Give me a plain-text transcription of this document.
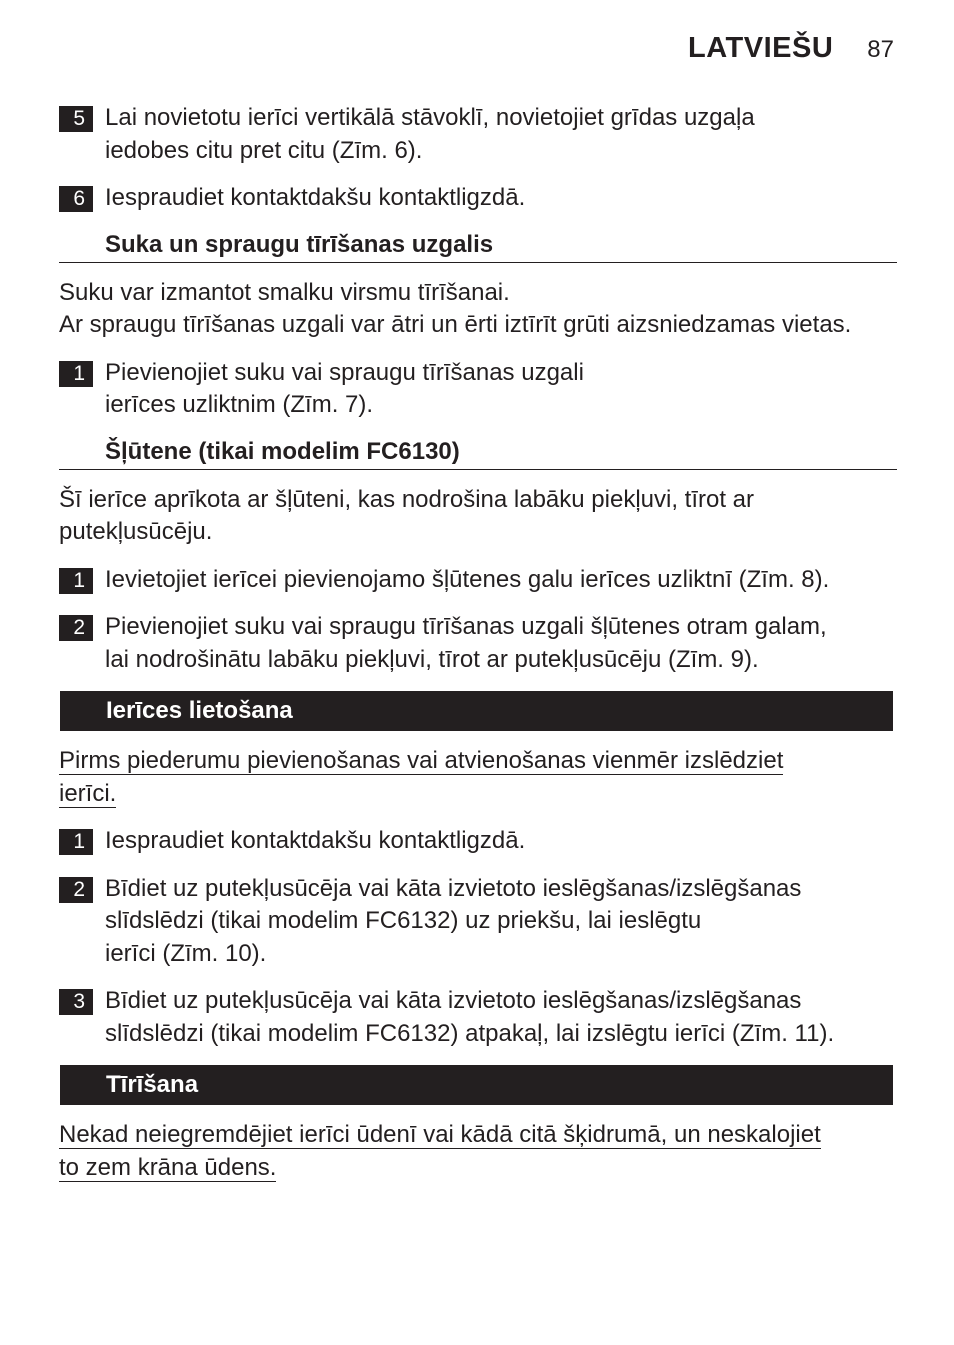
LATVIEŠU 87
5 Lai novietotu ierīci vertikālā stāvoklī, novietojiet grīdas uzgaļa
iedobes citu pret citu (Zīm. 6).
6 Iespraudiet kontaktdakšu kontaktligzdā.
Suka un spraugu tīrīšanas uzgalis
Suku var izmantot smalku virsmu tīrīšanai.
Ar spraugu tīrīšanas uzgali var ātri un ērti iztīrīt grūti aizsniedzamas vietas.
1 Pievienojiet suku vai spraugu tīrīšanas uzgali
ierīces uzliktnim (Zīm. 7).
Šļūtene (tikai modelim FC6130)
Šī ierīce aprīkota ar šļūteni, kas nodrošina labāku piekļuvi, tīrot ar
putekļusūcēju.
1 Ievietojiet ierīcei pievienojamo šļūtenes galu ierīces uzliktnī (Zīm. 8).
2 Pievienojiet suku vai spraugu tīrīšanas uzgali šļūtenes otram galam,
lai nodrošinātu labāku piekļuvi, tīrot ar putekļusūcēju (Zīm. 9).
Ierīces lietošana
Pirms piederumu pievienošanas vai atvienošanas vienmēr izslēdziet
ierīci.
1 Iespraudiet kontaktdakšu kontaktligzdā.
2 Bīdiet uz putekļusūcēja vai kāta izvietoto ieslēgšanas/izslēgšanas
slīdslēdzi (tikai modelim FC6132) uz priekšu, lai ieslēgtu
ierīci (Zīm. 10).
3 Bīdiet uz putekļusūcēja vai kāta izvietoto ieslēgšanas/izslēgšanas
slīdslēdzi (tikai modelim FC6132) atpakaļ, lai izslēgtu ierīci (Zīm. 11).
Tīrīšana
Nekad neiegremdējiet ierīci ūdenī vai kādā citā šķidrumā, un neskalojiet
to zem krāna ūdens.
